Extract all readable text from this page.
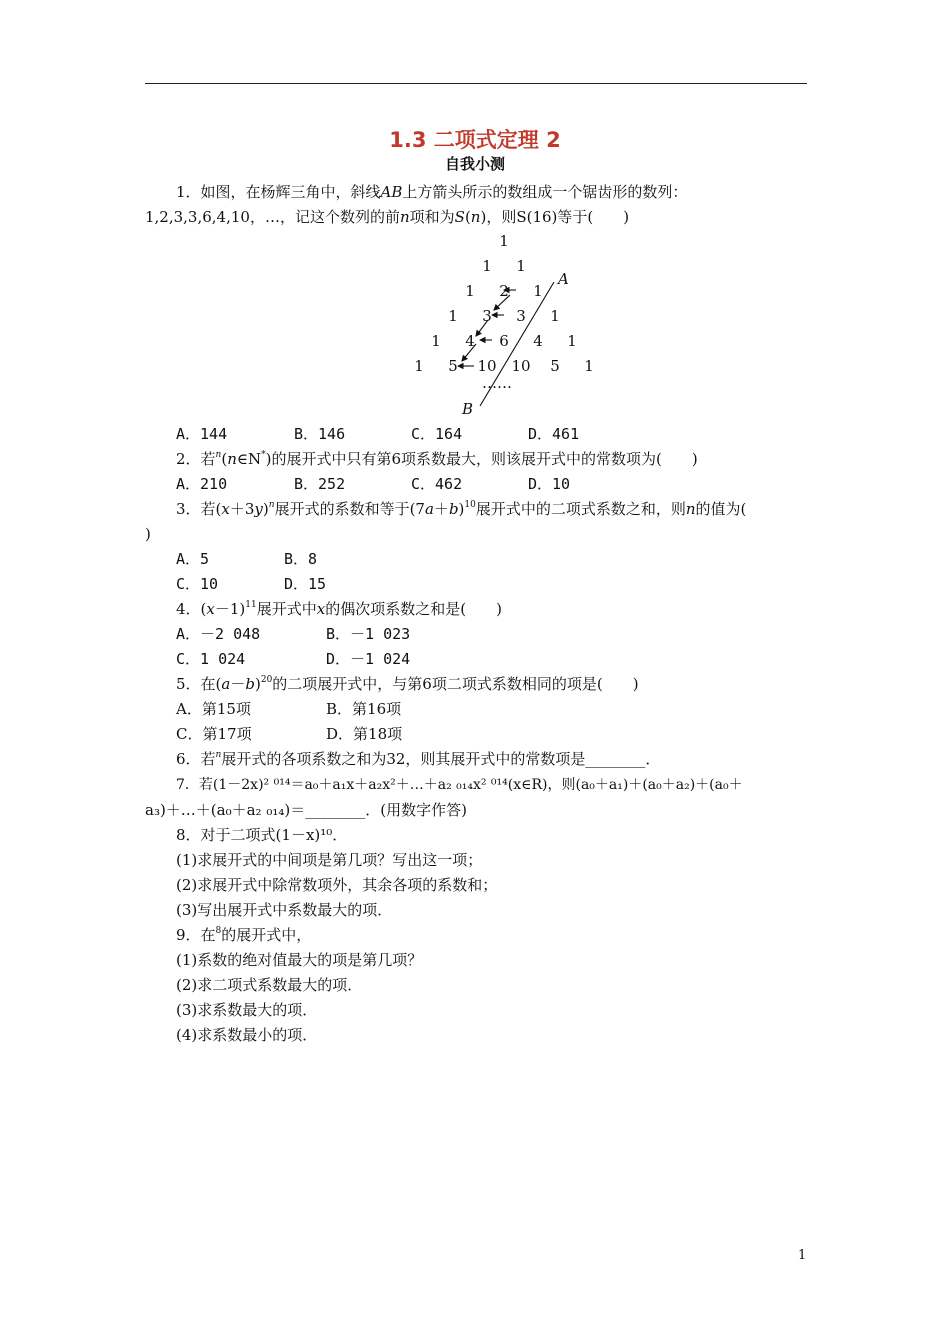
1.3 二项式定理 2
自我小测
1．如图，在杨辉三角中，斜线AB上方箭头所示的数组成一个锯齿形的数列：
1,2,3,3,6,4,10，…，记这个数列的前n项和为S(n)，则S(16)等于(　　)
1
1 1
1 2 1
1 3 3 1
1 4 6 4 1
1 5 10 10 5 1
……
A
B
A．144	B．146	C．164	D．461
2．若$^n$(n∈N*)的展开式中只有第6项系数最大，则该展开式中的常数项为(　　)
A．210	B．252	C．462	D．10
3．若$(x+3y)^n$展开式的系数和等于$(7a+b)^{10}$展开式中的二项式系数之和，则n的值为(
)
A．5	B．8
C．10	D．15
4．$(x-1)^{11}$展开式中x的偶次项系数之和是(　　)
A．－2 048	B．－1 023
C．1 024	D．－1 024
5．在$(a-b)^{20}$的二项展开式中，与第6项二项式系数相同的项是(　　)
A．第15项	B．第16项
C．第17项	D．第18项
6．若$^n$展开式的各项系数之和为32，则其展开式中的常数项是________．
7．若(1－2x)² ⁰¹⁴＝a₀＋a₁x＋a₂x²＋…＋a₂ ₀₁₄x² ⁰¹⁴(x∈R)，则(a₀＋a₁)＋(a₀＋a₂)＋(a₀＋
a₃)＋…＋(a₀＋a₂ ₀₁₄)＝________．(用数字作答)
8．对于二项式(1－x)¹⁰．
(1)求展开式的中间项是第几项？写出这一项；
(2)求展开式中除常数项外，其余各项的系数和；
(3)写出展开式中系数最大的项．
9．在$^8$的展开式中，
(1)系数的绝对值最大的项是第几项？
(2)求二项式系数最大的项．
(3)求系数最大的项．
(4)求系数最小的项．
1
